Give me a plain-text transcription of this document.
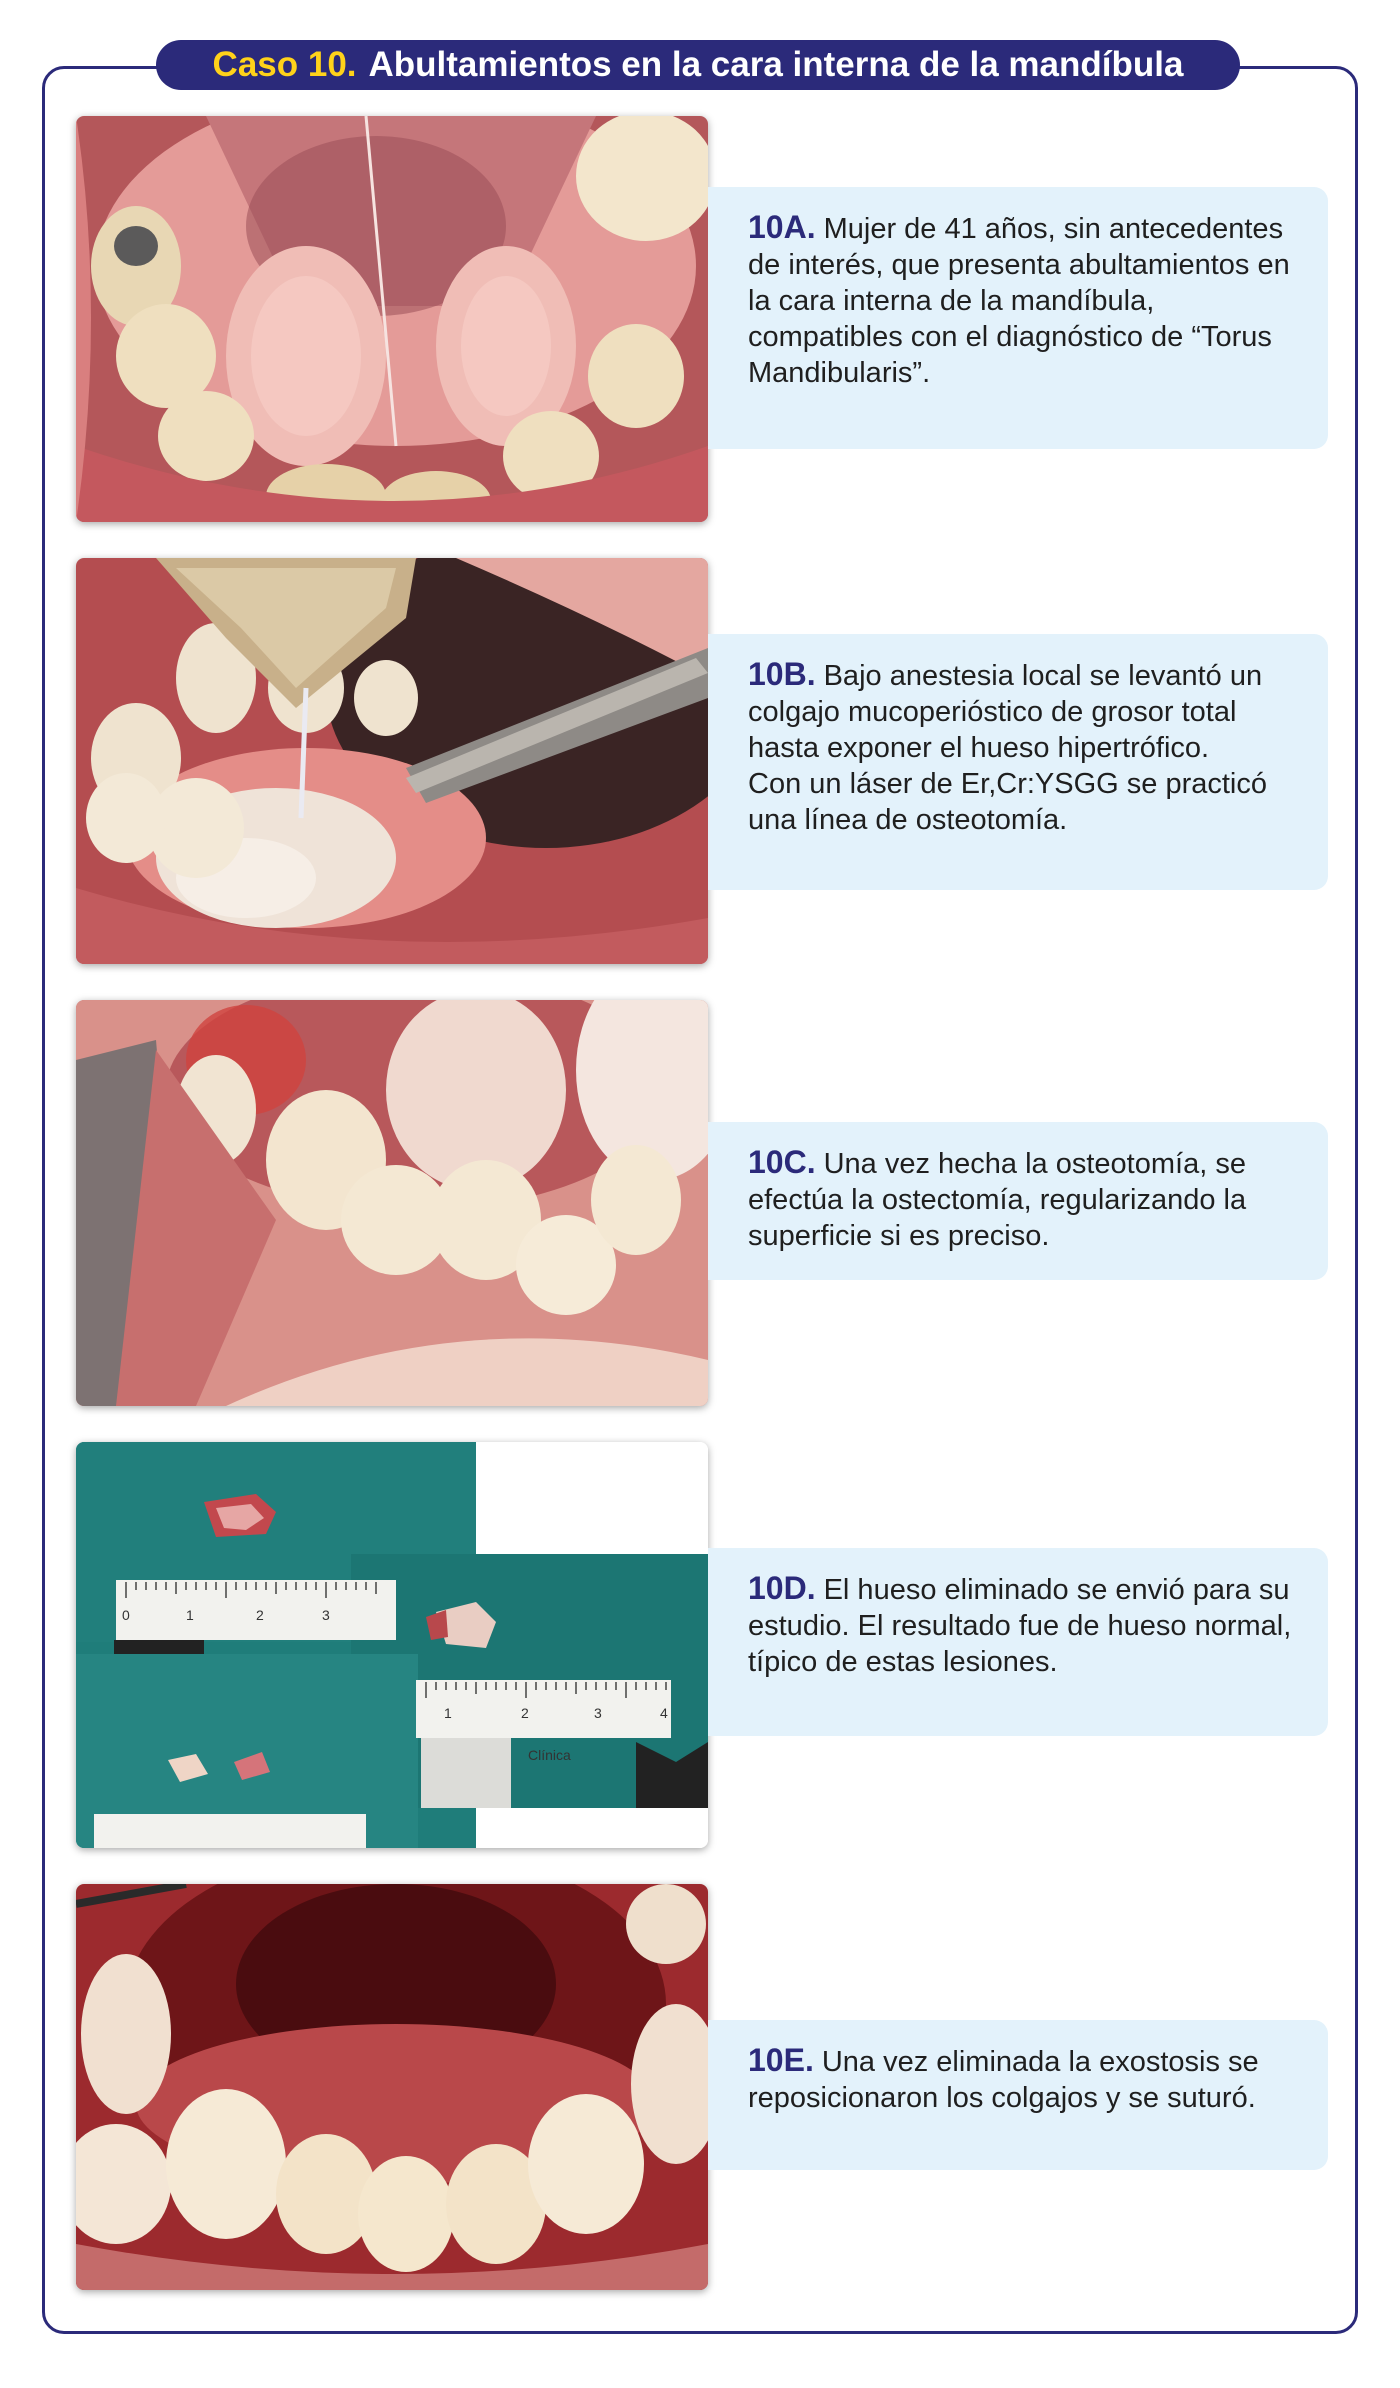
Caso 10. Abultamientos en la cara interna de la mandíbula

10A. Mujer de 41 años, sin antecedentes de interés, que presenta abultamientos en la cara interna de la mandíbula, compatibles con el diagnóstico de “Torus Mandibularis”.

10B. Bajo anestesia local se levantó un colgajo mucoperióstico de grosor total hasta exponer el hueso hipertrófico.

Con un láser de Er,Cr:YSGG se practicó una línea de osteotomía.

10C. Una vez hecha la osteotomía, se efectúa la ostectomía, regularizando la superficie si es preciso.

0	1	2	3
1	2	3	4
Clínica

10D. El hueso eliminado se envió para su estudio. El resultado fue de hueso normal, típico de estas lesiones.

10E. Una vez eliminada la exostosis se reposicionaron los colgajos y se suturó.
